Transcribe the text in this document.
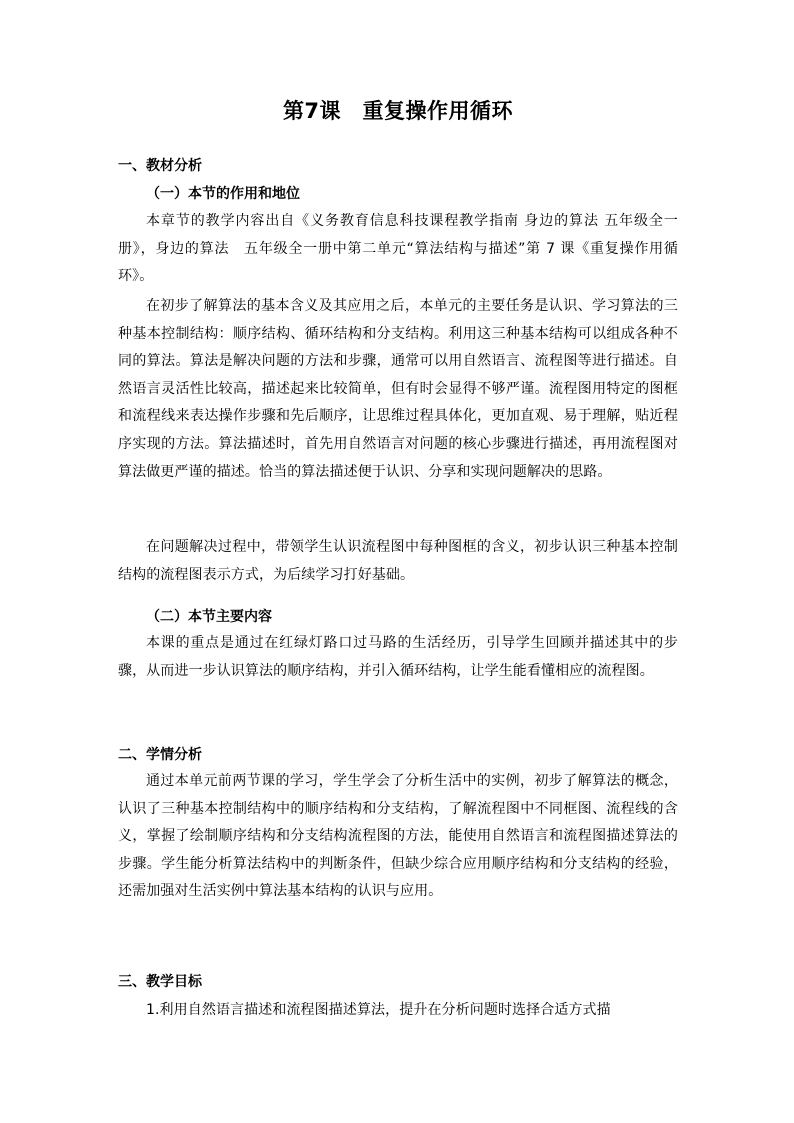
第7课　重复操作用循环
一、教材分析
（一）本节的作用和地位
本章节的教学内容出自《义务教育信息科技课程教学指南 身边的算法 五年级全一册》，身边的算法　五年级全一册中第二单元“算法结构与描述”第 7 课《重复操作用循环》。
在初步了解算法的基本含义及其应用之后，本单元的主要任务是认识、学习算法的三种基本控制结构：顺序结构、循环结构和分支结构。利用这三种基本结构可以组成各种不同的算法。算法是解决问题的方法和步骤，通常可以用自然语言、流程图等进行描述。自然语言灵活性比较高，描述起来比较简单，但有时会显得不够严谨。流程图用特定的图框和流程线来表达操作步骤和先后顺序，让思维过程具体化，更加直观、易于理解，贴近程序实现的方法。算法描述时，首先用自然语言对问题的核心步骤进行描述，再用流程图对算法做更严谨的描述。恰当的算法描述便于认识、分享和实现问题解决的思路。
在问题解决过程中，带领学生认识流程图中每种图框的含义，初步认识三种基本控制结构的流程图表示方式，为后续学习打好基础。
（二）本节主要内容
本课的重点是通过在红绿灯路口过马路的生活经历，引导学生回顾并描述其中的步骤，从而进一步认识算法的顺序结构，并引入循环结构，让学生能看懂相应的流程图。
二、学情分析
通过本单元前两节课的学习，学生学会了分析生活中的实例，初步了解算法的概念，认识了三种基本控制结构中的顺序结构和分支结构，了解流程图中不同框图、流程线的含义，掌握了绘制顺序结构和分支结构流程图的方法，能使用自然语言和流程图描述算法的步骤。学生能分析算法结构中的判断条件，但缺少综合应用顺序结构和分支结构的经验，还需加强对生活实例中算法基本结构的认识与应用。
三、教学目标
1.利用自然语言描述和流程图描述算法，提升在分析问题时选择合适方式描
